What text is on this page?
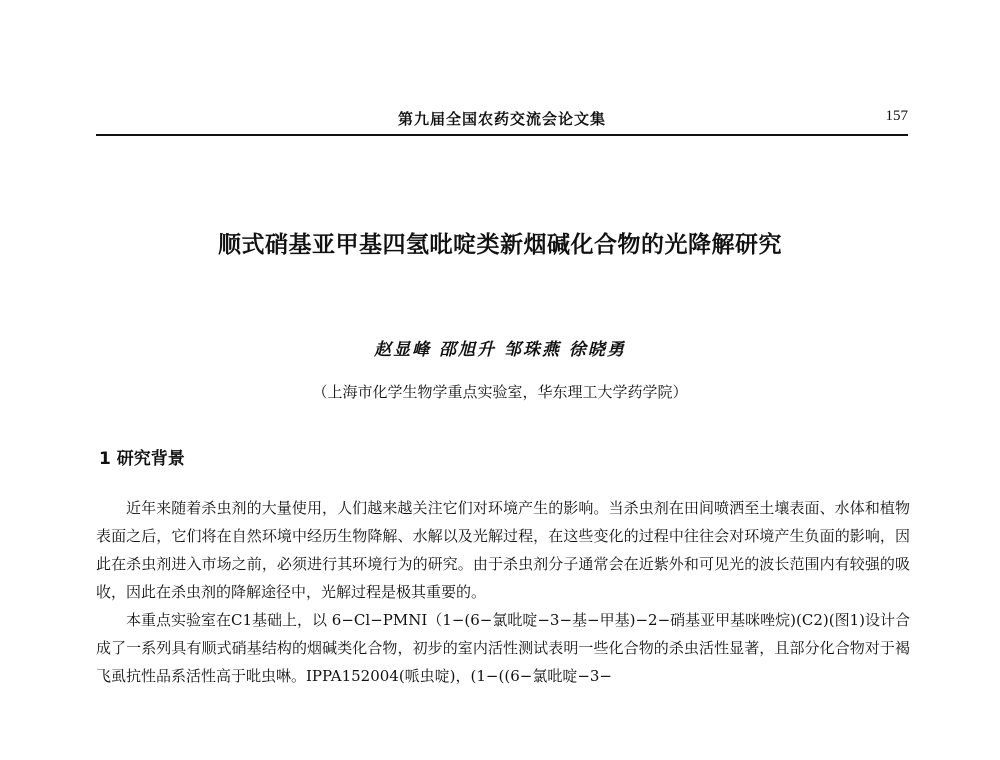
第九届全国农药交流会论文集	157
顺式硝基亚甲基四氢吡啶类新烟碱化合物的光降解研究
赵显峰 邵旭升 邹珠燕 徐晓勇
（上海市化学生物学重点实验室，华东理工大学药学院）
1 研究背景

近年来随着杀虫剂的大量使用，人们越来越关注它们对环境产生的影响。当杀虫剂在田间喷洒至土壤表面、水体和植物表面之后，它们将在自然环境中经历生物降解、水解以及光解过程，在这些变化的过程中往往会对环境产生负面的影响，因此在杀虫剂进入市场之前，必须进行其环境行为的研究。由于杀虫剂分子通常会在近紫外和可见光的波长范围内有较强的吸收，因此在杀虫剂的降解途径中，光解过程是极其重要的。

本重点实验室在C1基础上，以 6−Cl−PMNI（1−(6−氯吡啶−3−基−甲基)−2−硝基亚甲基咪唑烷)(C2)(图1)设计合成了一系列具有顺式硝基结构的烟碱类化合物，初步的室内活性测试表明一些化合物的杀虫活性显著，且部分化合物对于褐飞虱抗性品系活性高于吡虫啉。IPPA152004(哌虫啶)，(1−((6−氯吡啶−3−
